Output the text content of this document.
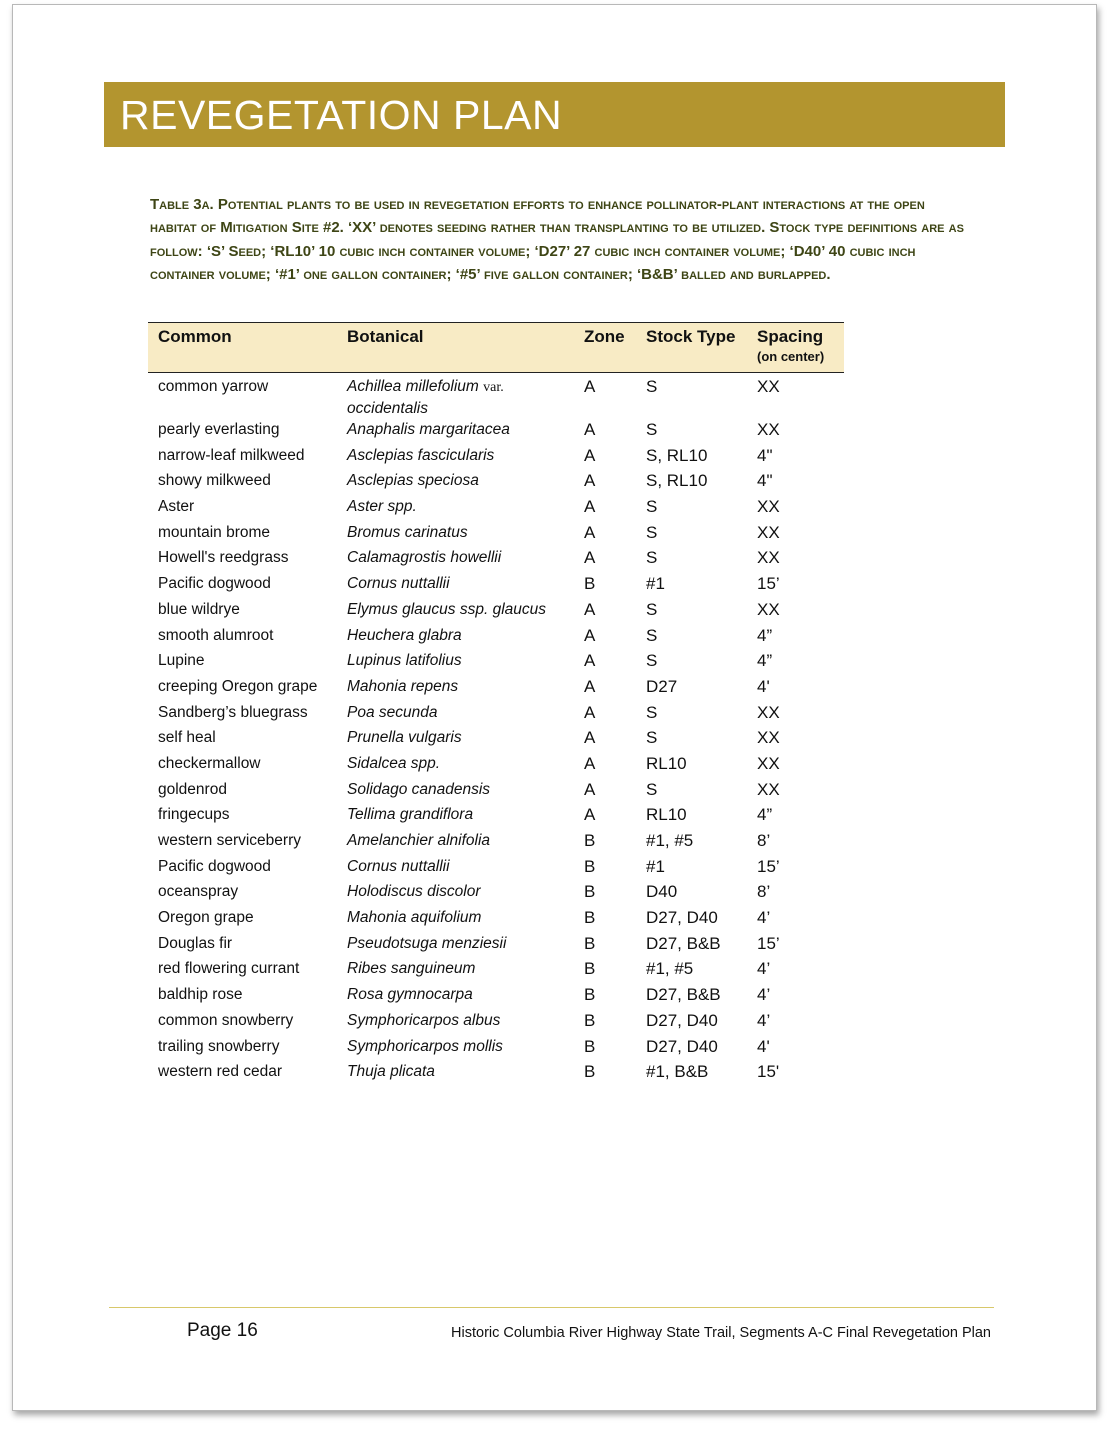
REVEGETATION PLAN
Table 3a. Potential plants to be used in revegetation efforts to enhance pollinator-plant interactions at the open habitat of Mitigation Site #2. ‘XX’ denotes seeding rather than transplanting to be utilized. Stock type definitions are as follow: ‘S’ Seed; ‘RL10’ 10 cubic inch container volume; ‘D27’ 27 cubic inch container volume; ‘D40’ 40 cubic inch container volume; ‘#1’ one gallon container; ‘#5’ five gallon container; ‘B&B’ balled and burlapped.
Common	Botanical	Zone	Stock Type	Spacing
(on center)

common yarrow	Achillea millefolium var.
occidentalis	A	S	XX
pearly everlasting	Anaphalis margaritacea	A	S	XX
narrow-leaf milkweed	Asclepias fascicularis	A	S, RL10	4"
showy milkweed	Asclepias speciosa	A	S, RL10	4"
Aster	Aster spp.	A	S	XX
mountain brome	Bromus carinatus	A	S	XX
Howell's reedgrass	Calamagrostis howellii	A	S	XX
Pacific dogwood	Cornus nuttallii	B	#1	15’
blue wildrye	Elymus glaucus ssp. glaucus	A	S	XX
smooth alumroot	Heuchera glabra	A	S	4”
Lupine	Lupinus latifolius	A	S	4”
creeping Oregon grape	Mahonia repens	A	D27	4'
Sandberg’s bluegrass	Poa secunda	A	S	XX
self heal	Prunella vulgaris	A	S	XX
checkermallow	Sidalcea spp.	A	RL10	XX
goldenrod	Solidago canadensis	A	S	XX
fringecups	Tellima grandiflora	A	RL10	4”
western serviceberry	Amelanchier alnifolia	B	#1, #5	8’
Pacific dogwood	Cornus nuttallii	B	#1	15’
oceanspray	Holodiscus discolor	B	D40	8’
Oregon grape	Mahonia aquifolium	B	D27, D40	4’
Douglas fir	Pseudotsuga menziesii	B	D27, B&B	15’
red flowering currant	Ribes sanguineum	B	#1, #5	4’
baldhip rose	Rosa gymnocarpa	B	D27, B&B	4’
common snowberry	Symphoricarpos albus	B	D27, D40	4’
trailing snowberry	Symphoricarpos mollis	B	D27, D40	4'
western red cedar	Thuja plicata	B	#1, B&B	15'
Page 16	Historic Columbia River Highway State Trail, Segments A-C Final Revegetation Plan
